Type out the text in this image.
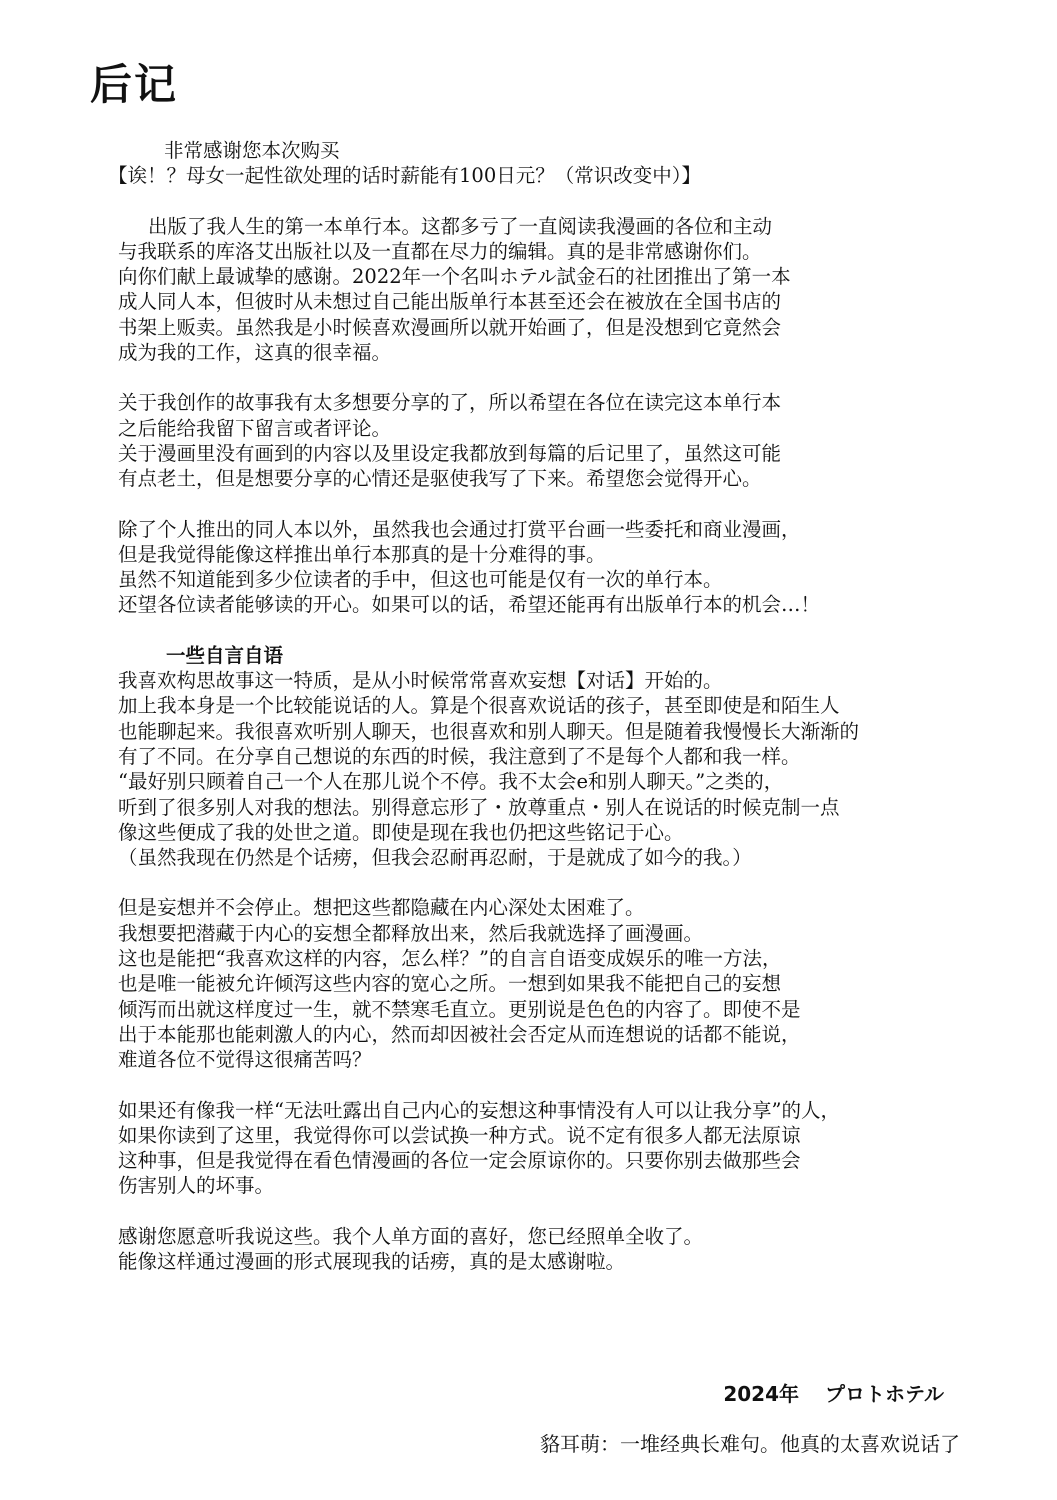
后记
非常感谢您本次购买
【诶！？母女一起性欲处理的话时薪能有100日元？（常识改变中）】
出版了我人生的第一本单行本。这都多亏了一直阅读我漫画的各位和主动
与我联系的库洛艾出版社以及一直都在尽力的编辑。真的是非常感谢你们。
向你们献上最诚挚的感谢。2022年一个名叫ホテル試金石的社团推出了第一本
成人同人本，但彼时从未想过自己能出版单行本甚至还会在被放在全国书店的
书架上贩卖。虽然我是小时候喜欢漫画所以就开始画了，但是没想到它竟然会
成为我的工作，这真的很幸福。
关于我创作的故事我有太多想要分享的了，所以希望在各位在读完这本单行本
之后能给我留下留言或者评论。
关于漫画里没有画到的内容以及里设定我都放到每篇的后记里了，虽然这可能
有点老土，但是想要分享的心情还是驱使我写了下来。希望您会觉得开心。
除了个人推出的同人本以外，虽然我也会通过打赏平台画一些委托和商业漫画，
但是我觉得能像这样推出单行本那真的是十分难得的事。
虽然不知道能到多少位读者的手中，但这也可能是仅有一次的单行本。
还望各位读者能够读的开心。如果可以的话，希望还能再有出版单行本的机会…！
一些自言自语
我喜欢构思故事这一特质，是从小时候常常喜欢妄想【对话】开始的。
加上我本身是一个比较能说话的人。算是个很喜欢说话的孩子，甚至即使是和陌生人
也能聊起来。我很喜欢听别人聊天，也很喜欢和别人聊天。但是随着我慢慢长大渐渐的
有了不同。在分享自己想说的东西的时候，我注意到了不是每个人都和我一样。
“最好别只顾着自己一个人在那儿说个不停。我不太会e和别人聊天。”之类的，
听到了很多别人对我的想法。别得意忘形了・放尊重点・别人在说话的时候克制一点
像这些便成了我的处世之道。即使是现在我也仍把这些铭记于心。
（虽然我现在仍然是个话痨，但我会忍耐再忍耐，于是就成了如今的我。）
但是妄想并不会停止。想把这些都隐藏在内心深处太困难了。
我想要把潜藏于内心的妄想全都释放出来，然后我就选择了画漫画。
这也是能把“我喜欢这样的内容，怎么样？”的自言自语变成娱乐的唯一方法，
也是唯一能被允许倾泻这些内容的宽心之所。一想到如果我不能把自己的妄想
倾泻而出就这样度过一生，就不禁寒毛直立。更别说是色色的内容了。即使不是
出于本能那也能刺激人的内心，然而却因被社会否定从而连想说的话都不能说，
难道各位不觉得这很痛苦吗？
如果还有像我一样“无法吐露出自己内心的妄想这种事情没有人可以让我分享”的人，
如果你读到了这里，我觉得你可以尝试换一种方式。说不定有很多人都无法原谅
这种事，但是我觉得在看色情漫画的各位一定会原谅你的。只要你别去做那些会
伤害别人的坏事。
感谢您愿意听我说这些。我个人单方面的喜好，您已经照单全收了。
能像这样通过漫画的形式展现我的话痨，真的是太感谢啦。
2024年 プロトホテル
貉耳萌：一堆经典长难句。他真的太喜欢说话了
